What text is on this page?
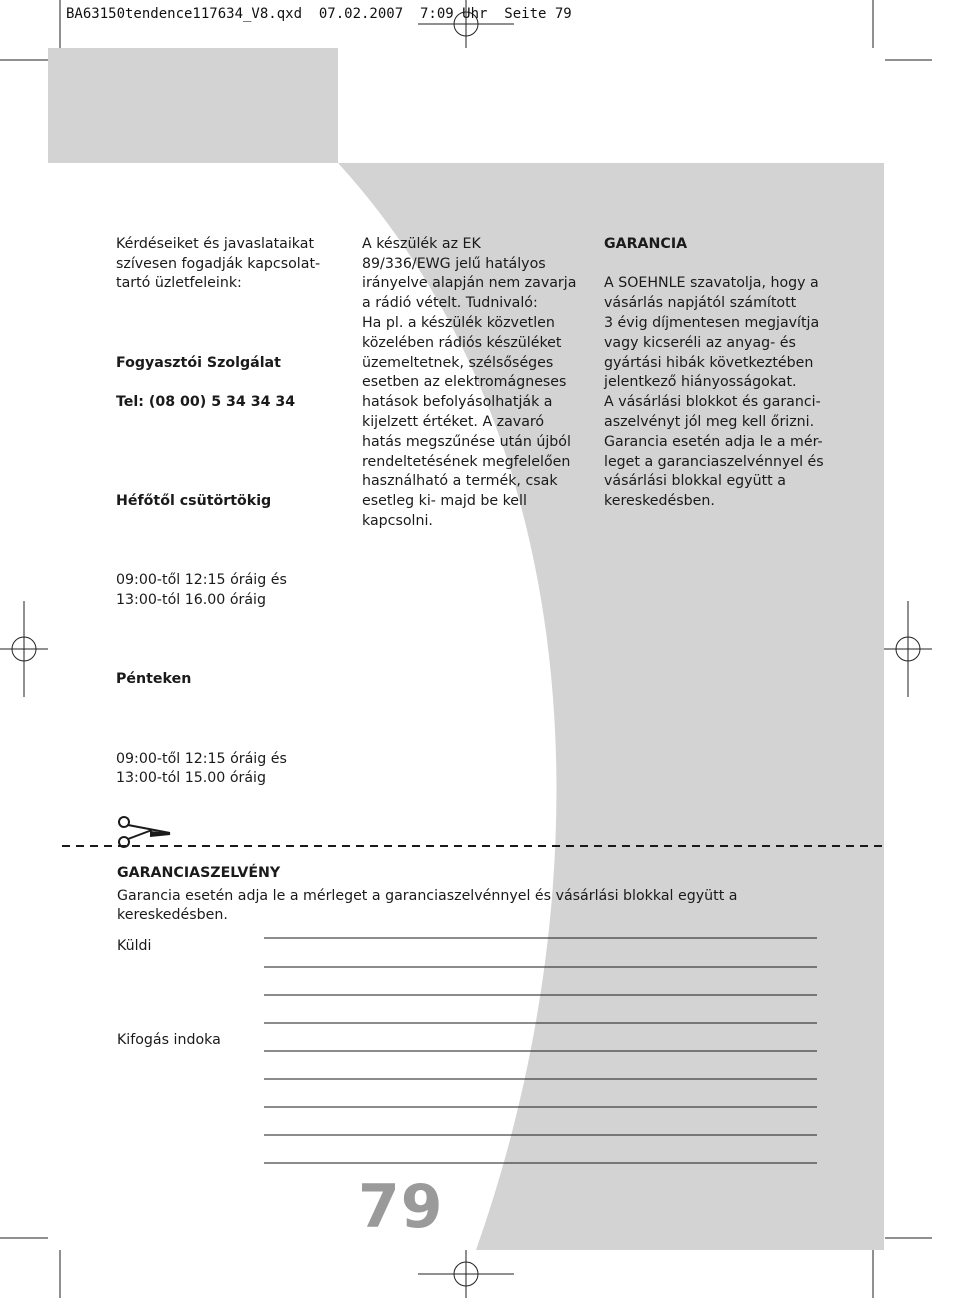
BA63150tendence117634_V8.qxd  07.02.2007  7:09 Uhr  Seite 79

Kérdéseiket és javaslataikat
szívesen fogadják kapcsolat-
tartó üzletfeleink:

Fogyasztói Szolgálat

Tel: (08 00) 5 34 34 34

Héfőtől csütörtökig

09:00-től 12:15 óráig és
13:00-tól 16.00 óráig

Pénteken

09:00-től 12:15 óráig és
13:00-tól 15.00 óráig

A készülék az EK
89/336/EWG jelű hatályos
irányelve alapján nem zavarja
a rádió vételt. Tudnivaló:
Ha pl. a készülék közvetlen
közelében rádiós készüléket
üzemeltetnek, szélsőséges
esetben az elektromágneses
hatások befolyásolhatják a
kijelzett értéket. A zavaró
hatás megszűnése után újból
rendeltetésének megfelelően
használható a termék, csak
esetleg ki- majd be kell
kapcsolni.

GARANCIA

A SOEHNLE szavatolja, hogy a
vásárlás napjától számított
3 évig díjmentesen megjavítja
vagy kicseréli az anyag- és
gyártási hibák következtében
jelentkező hiányosságokat.
A vásárlási blokkot és garanci-
aszelvényt jól meg kell őrizni.
Garancia esetén adja le a mér-
leget a garanciaszelvénnyel és
vásárlási blokkal együtt a
kereskedésben.

GARANCIASZELVÉNY
Garancia esetén adja le a mérleget a garanciaszelvénnyel és vásárlási blokkal együtt a
kereskedésben.
Küldi
Kifogás indoka
79
